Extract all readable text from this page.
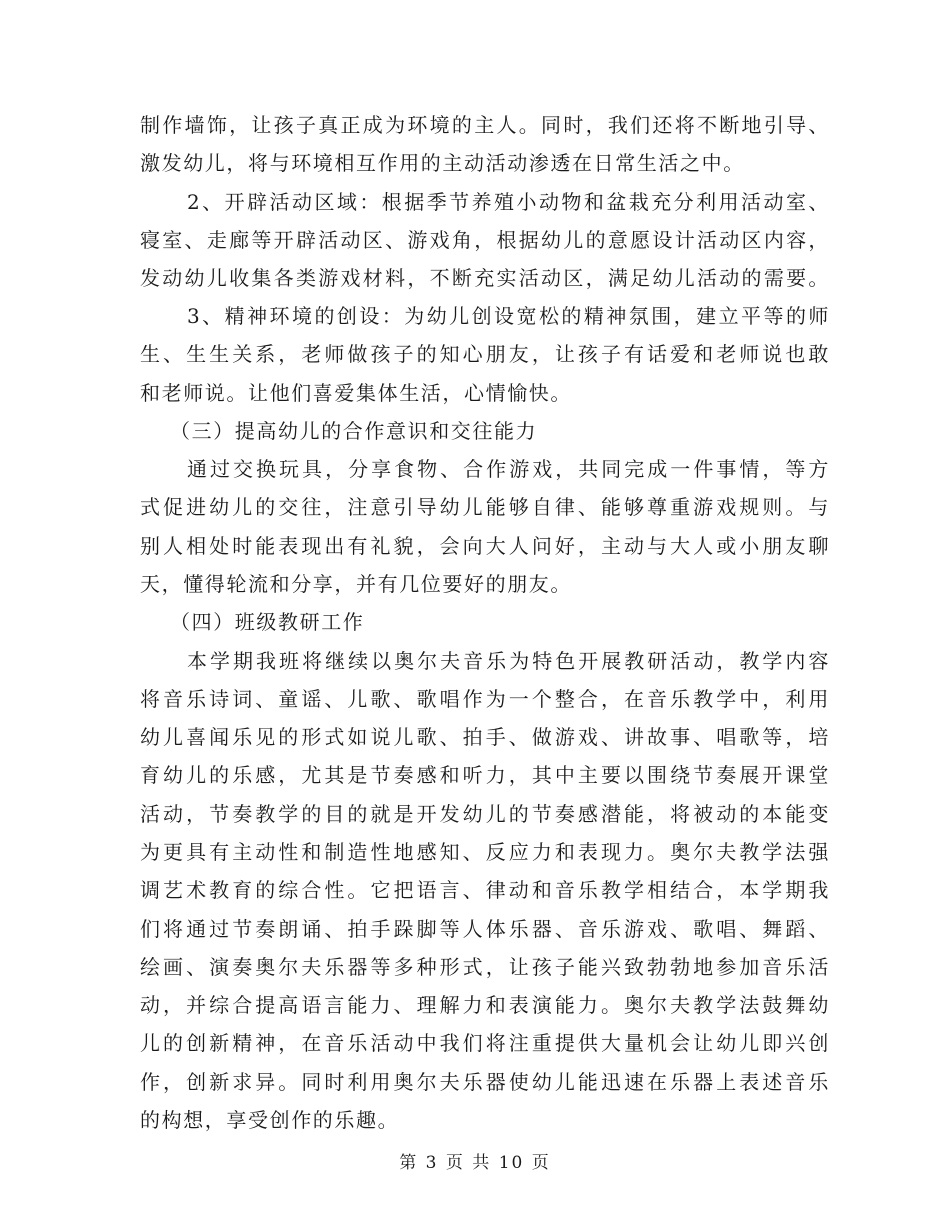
制作墙饰，让孩子真正成为环境的主人。同时，我们还将不断地引导、
激发幼儿，将与环境相互作用的主动活动渗透在日常生活之中。
2、开辟活动区域：根据季节养殖小动物和盆栽充分利用活动室、
寝室、走廊等开辟活动区、游戏角，根据幼儿的意愿设计活动区内容，
发动幼儿收集各类游戏材料，不断充实活动区，满足幼儿活动的需要。
3、精神环境的创设：为幼儿创设宽松的精神氛围，建立平等的师
生、生生关系，老师做孩子的知心朋友，让孩子有话爱和老师说也敢
和老师说。让他们喜爱集体生活，心情愉快。
（三）提高幼儿的合作意识和交往能力
通过交换玩具，分享食物、合作游戏，共同完成一件事情，等方
式促进幼儿的交往，注意引导幼儿能够自律、能够尊重游戏规则。与
别人相处时能表现出有礼貌，会向大人问好，主动与大人或小朋友聊
天，懂得轮流和分享，并有几位要好的朋友。
（四）班级教研工作
本学期我班将继续以奥尔夫音乐为特色开展教研活动，教学内容
将音乐诗词、童谣、儿歌、歌唱作为一个整合，在音乐教学中，利用
幼儿喜闻乐见的形式如说儿歌、拍手、做游戏、讲故事、唱歌等，培
育幼儿的乐感，尤其是节奏感和听力，其中主要以围绕节奏展开课堂
活动，节奏教学的目的就是开发幼儿的节奏感潜能，将被动的本能变
为更具有主动性和制造性地感知、反应力和表现力。奥尔夫教学法强
调艺术教育的综合性。它把语言、律动和音乐教学相结合，本学期我
们将通过节奏朗诵、拍手跺脚等人体乐器、音乐游戏、歌唱、舞蹈、
绘画、演奏奥尔夫乐器等多种形式，让孩子能兴致勃勃地参加音乐活
动，并综合提高语言能力、理解力和表演能力。奥尔夫教学法鼓舞幼
儿的创新精神，在音乐活动中我们将注重提供大量机会让幼儿即兴创
作，创新求异。同时利用奥尔夫乐器使幼儿能迅速在乐器上表述音乐
的构想，享受创作的乐趣。
第 3 页 共 10 页
